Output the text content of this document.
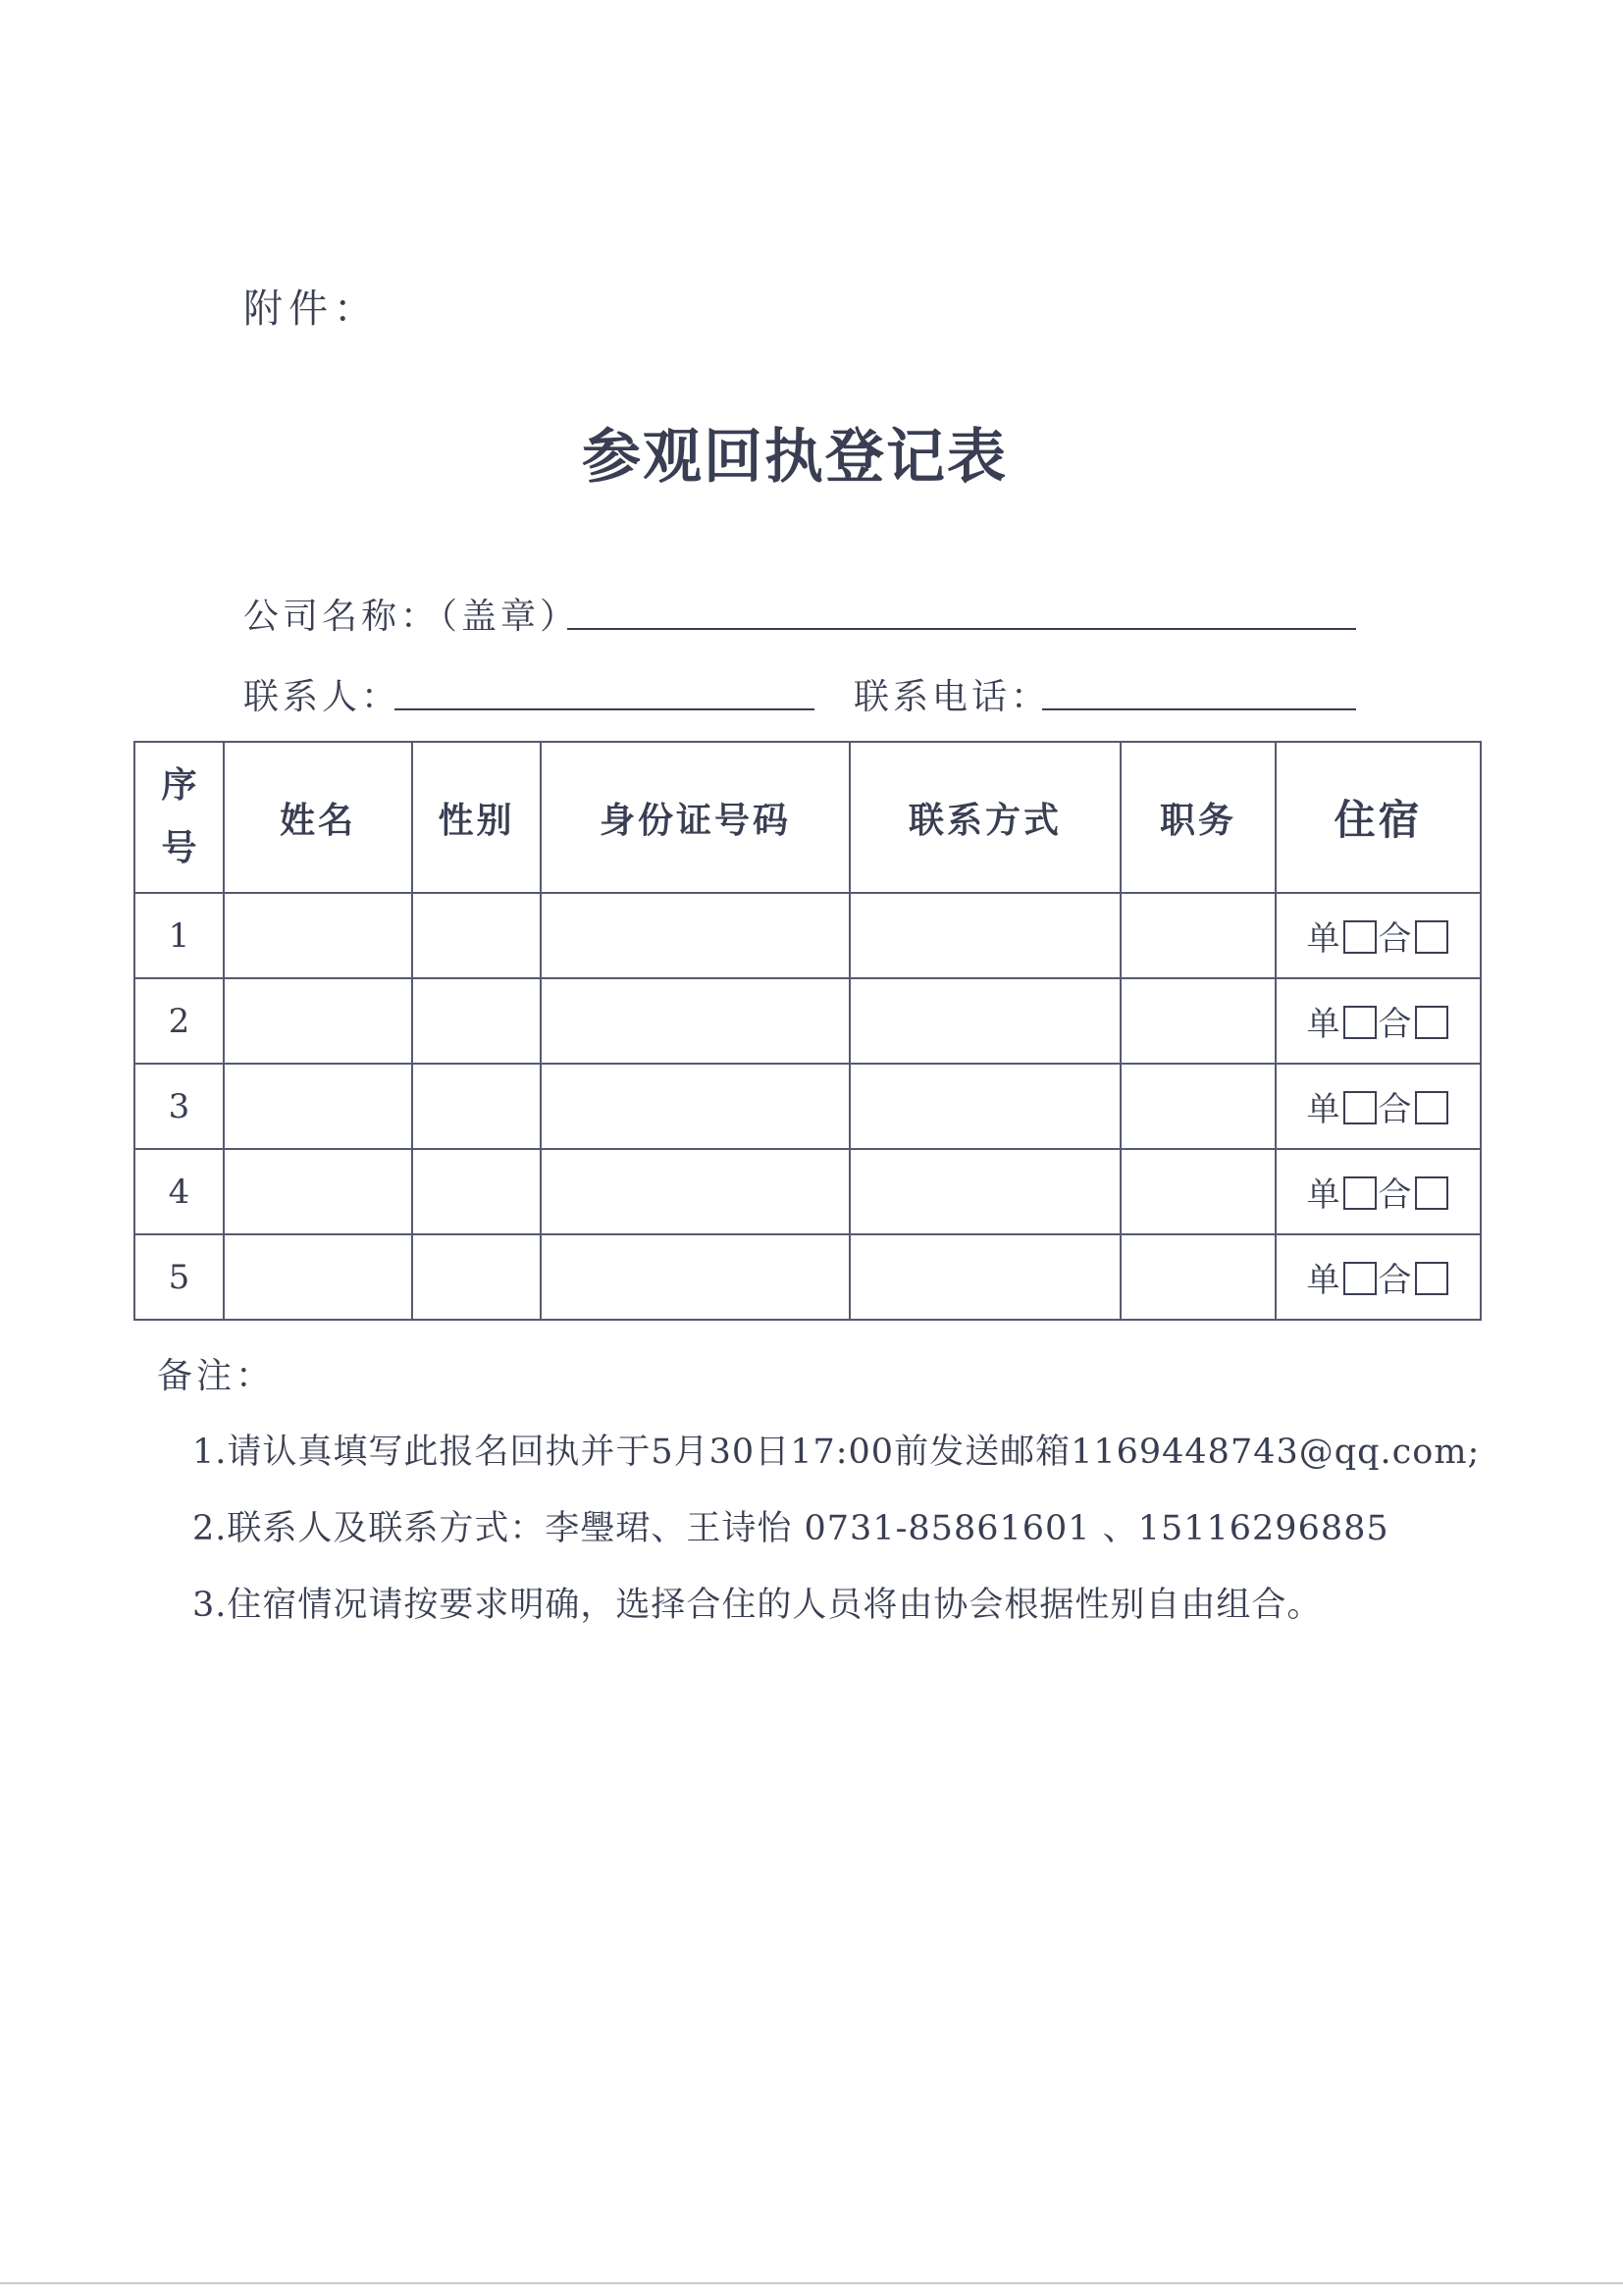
附件：
参观回执登记表
公司名称：（盖章）
联系人：	联系电话：
序
号	姓名	性别	身份证号码	联系方式	职务	住宿
1						单 合
2						单 合
3						单 合
4						单 合
5						单 合
备注：
1.请认真填写此报名回执并于5月30日17:00前发送邮箱1169448743@qq.com;
2.联系人及联系方式：李璺珺、王诗怡 0731-85861601 、15116296885
3.住宿情况请按要求明确，选择合住的人员将由协会根据性别自由组合。
